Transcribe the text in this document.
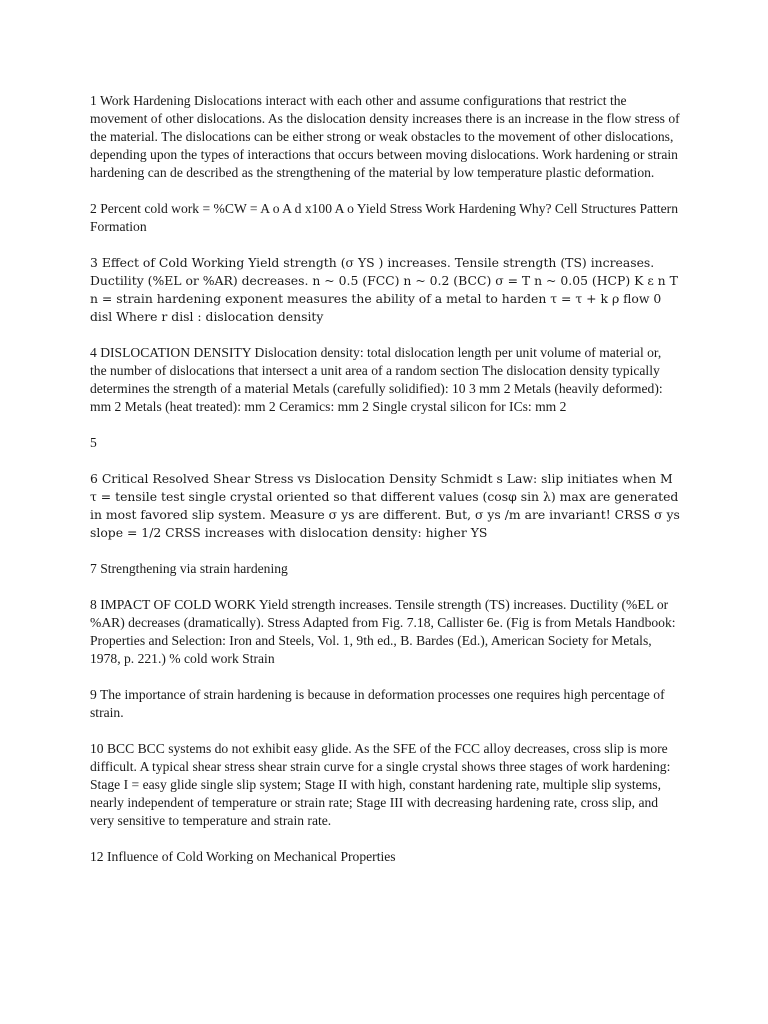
1 Work Hardening Dislocations interact with each other and assume configurations that restrict the movement of other dislocations. As the dislocation density increases there is an increase in the flow stress of the material. The dislocations can be either strong or weak obstacles to the movement of other dislocations, depending upon the types of interactions that occurs between moving dislocations. Work hardening or strain hardening can de described as the strengthening of the material by low temperature plastic deformation.

2 Percent cold work = %CW = A o A d x100 A o Yield Stress Work Hardening Why? Cell Structures Pattern Formation

3 Effect of Cold Working Yield strength (σ YS ) increases. Tensile strength (TS) increases. Ductility (%EL or %AR) decreases. n ~ 0.5 (FCC) n ~ 0.2 (BCC) σ = T n ~ 0.05 (HCP) K ε n T n = strain hardening exponent measures the ability of a metal to harden τ = τ + k ρ flow 0 disl Where r disl : dislocation density

4 DISLOCATION DENSITY Dislocation density: total dislocation length per unit volume of material or, the number of dislocations that intersect a unit area of a random section The dislocation density typically determines the strength of a material Metals (carefully solidified): 10 3 mm 2 Metals (heavily deformed): mm 2 Metals (heat treated): mm 2 Ceramics: mm 2 Single crystal silicon for ICs: mm 2

5

6 Critical Resolved Shear Stress vs Dislocation Density Schmidt s Law: slip initiates when M τ = tensile test single crystal oriented so that different values (cosφ sin λ) max are generated in most favored slip system. Measure σ ys are different. But, σ ys /m are invariant! CRSS σ ys slope = 1/2 CRSS increases with dislocation density: higher YS

7 Strengthening via strain hardening

8 IMPACT OF COLD WORK Yield strength increases. Tensile strength (TS) increases. Ductility (%EL or %AR) decreases (dramatically). Stress Adapted from Fig. 7.18, Callister 6e. (Fig is from Metals Handbook: Properties and Selection: Iron and Steels, Vol. 1, 9th ed., B. Bardes (Ed.), American Society for Metals, 1978, p. 221.) % cold work Strain

9 The importance of strain hardening is because in deformation processes one requires high percentage of strain.

10 BCC BCC systems do not exhibit easy glide. As the SFE of the FCC alloy decreases, cross slip is more difficult. A typical shear stress shear strain curve for a single crystal shows three stages of work hardening: Stage I = easy glide single slip system; Stage II with high, constant hardening rate, multiple slip systems, nearly independent of temperature or strain rate; Stage III with decreasing hardening rate, cross slip, and very sensitive to temperature and strain rate.

12 Influence of Cold Working on Mechanical Properties
